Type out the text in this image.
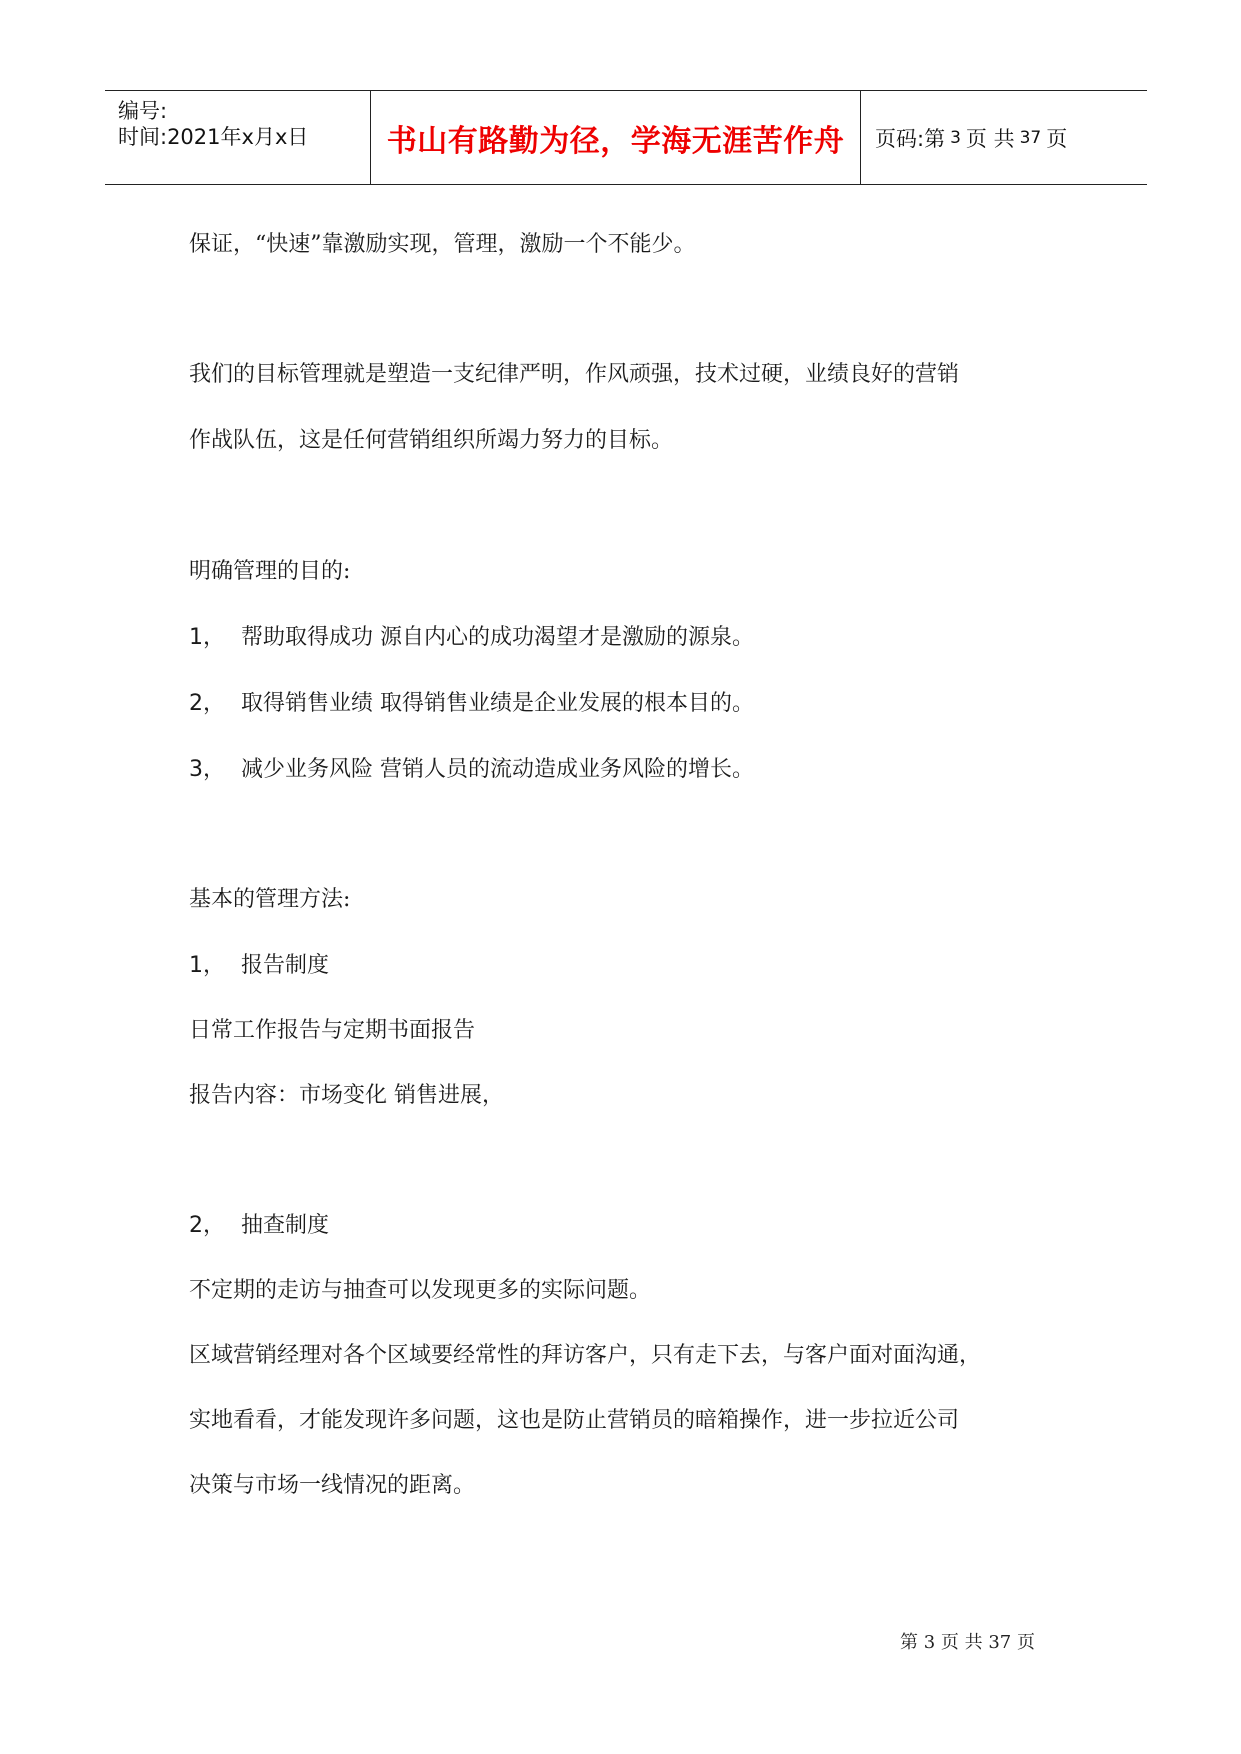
编号:
时间:2021年x月x日	书山有路勤为径，学海无涯苦作舟	页码:第 3 页 共 37 页
保证，“快速”靠激励实现，管理，激励一个不能少。
我们的目标管理就是塑造一支纪律严明，作风顽强，技术过硬，业绩良好的营销
作战队伍，这是任何营销组织所竭力努力的目标。
明确管理的目的:
1， 帮助取得成功 源自内心的成功渴望才是激励的源泉。
2， 取得销售业绩 取得销售业绩是企业发展的根本目的。
3， 减少业务风险 营销人员的流动造成业务风险的增长。
基本的管理方法:
1， 报告制度
日常工作报告与定期书面报告
报告内容：市场变化 销售进展，
2， 抽查制度
不定期的走访与抽查可以发现更多的实际问题。
区域营销经理对各个区域要经常性的拜访客户，只有走下去，与客户面对面沟通，
实地看看，才能发现许多问题，这也是防止营销员的暗箱操作，进一步拉近公司
决策与市场一线情况的距离。
第 3 页 共 37 页
